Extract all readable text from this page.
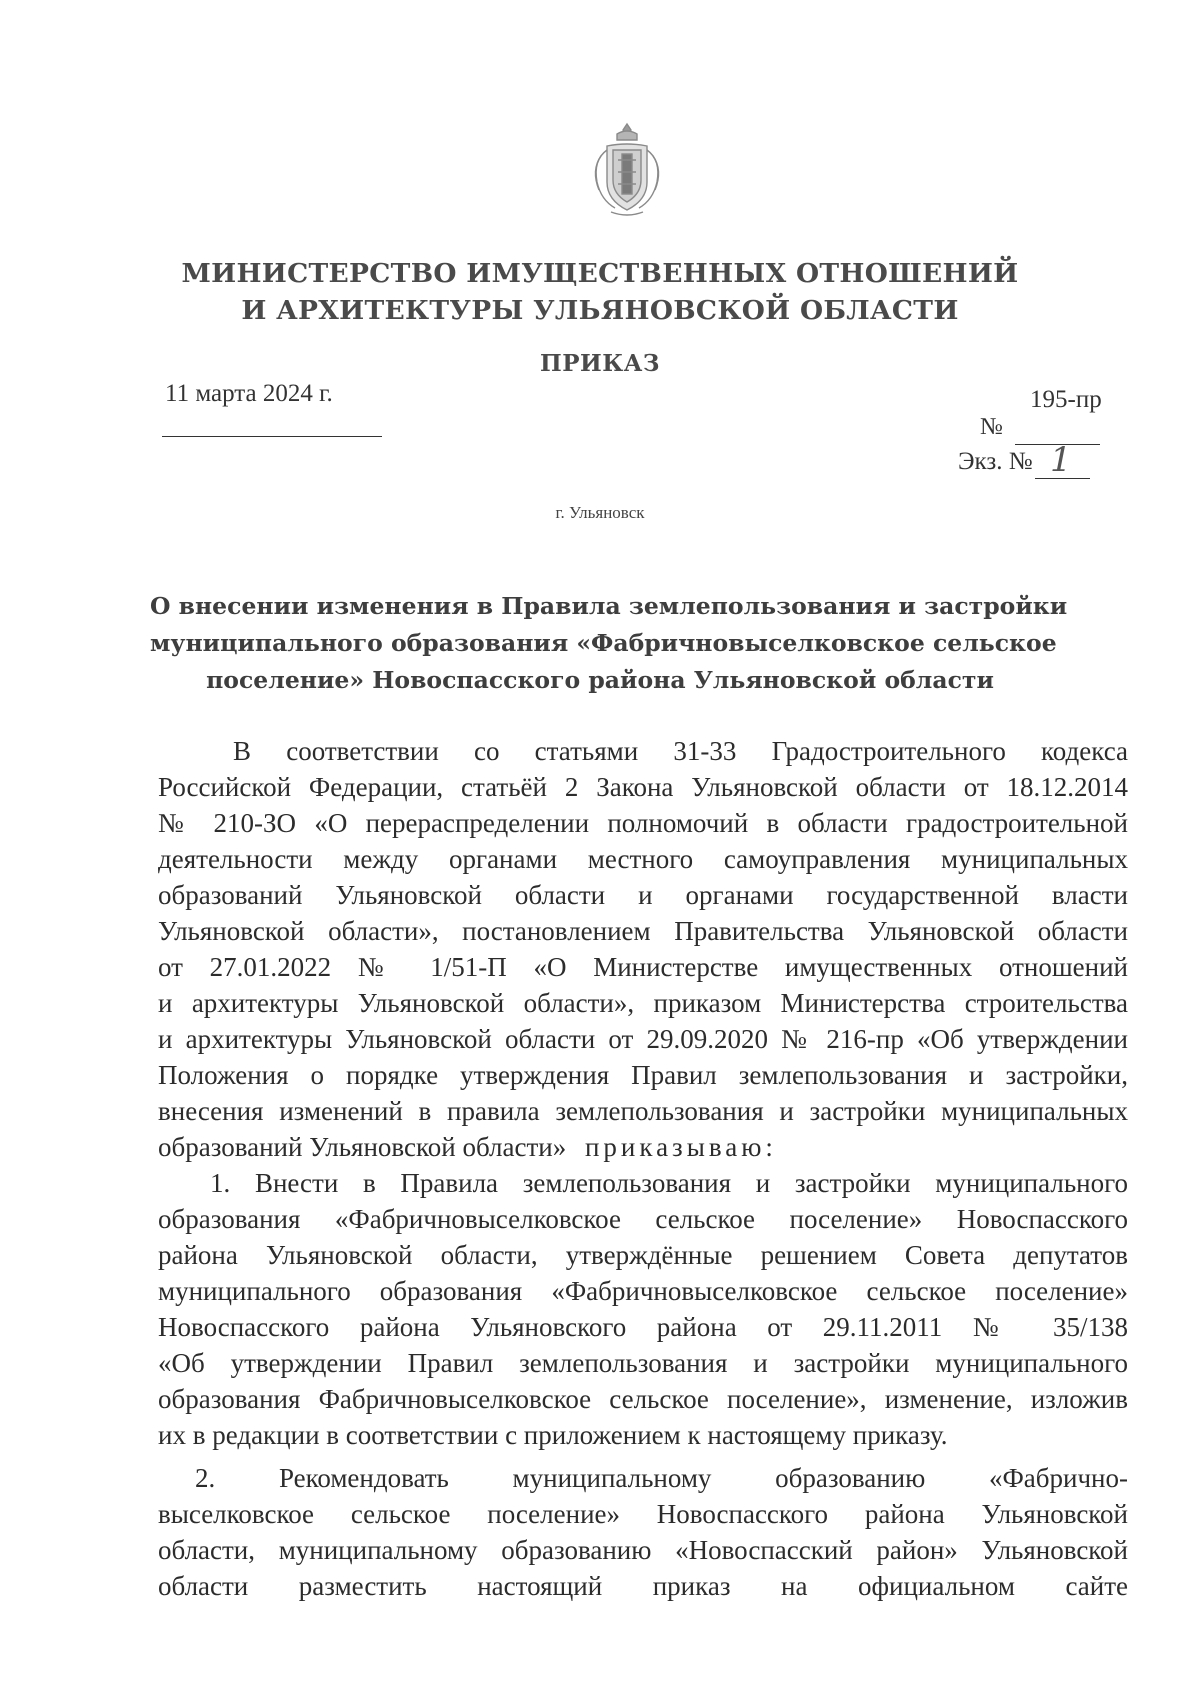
МИНИСТЕРСТВО ИМУЩЕСТВЕННЫХ ОТНОШЕНИЙ
И АРХИТЕКТУРЫ УЛЬЯНОВСКОЙ ОБЛАСТИ
ПРИКАЗ
11 марта 2024 г.	195-пр
№
Экз. № 1
г. Ульяновск
О внесении изменения в Правила землепользования и застройки
муниципального образования «Фабричновыселковское сельское
поселение» Новоспасского района Ульяновской области
В соответствии со статьями 31-33 Градостроительного кодекса
Российской Федерации, статьёй 2 Закона Ульяновской области от 18.12.2014
№ 210-ЗО «О перераспределении полномочий в области градостроительной
деятельности между органами местного самоуправления муниципальных
образований Ульяновской области и органами государственной власти
Ульяновской области», постановлением Правительства Ульяновской области
от 27.01.2022 № 1/51-П «О Министерстве имущественных отношений
и архитектуры Ульяновской области», приказом Министерства строительства
и архитектуры Ульяновской области от 29.09.2020 № 216-пр «Об утверждении
Положения о порядке утверждения Правил землепользования и застройки,
внесения изменений в правила землепользования и застройки муниципальных
образований Ульяновской области» приказываю:
1. Внести в Правила землепользования и застройки муниципального
образования «Фабричновыселковское сельское поселение» Новоспасского
района Ульяновской области, утверждённые решением Совета депутатов
муниципального образования «Фабричновыселковское сельское поселение»
Новоспасского района Ульяновского района от 29.11.2011 № 35/138
«Об утверждении Правил землепользования и застройки муниципального
образования Фабричновыселковское сельское поселение», изменение, изложив
их в редакции в соответствии с приложением к настоящему приказу.
2. Рекомендовать муниципальному образованию «Фабрично-
выселковское сельское поселение» Новоспасского района Ульяновской
области, муниципальному образованию «Новоспасский район» Ульяновской
области разместить настоящий приказ на официальном сайте
